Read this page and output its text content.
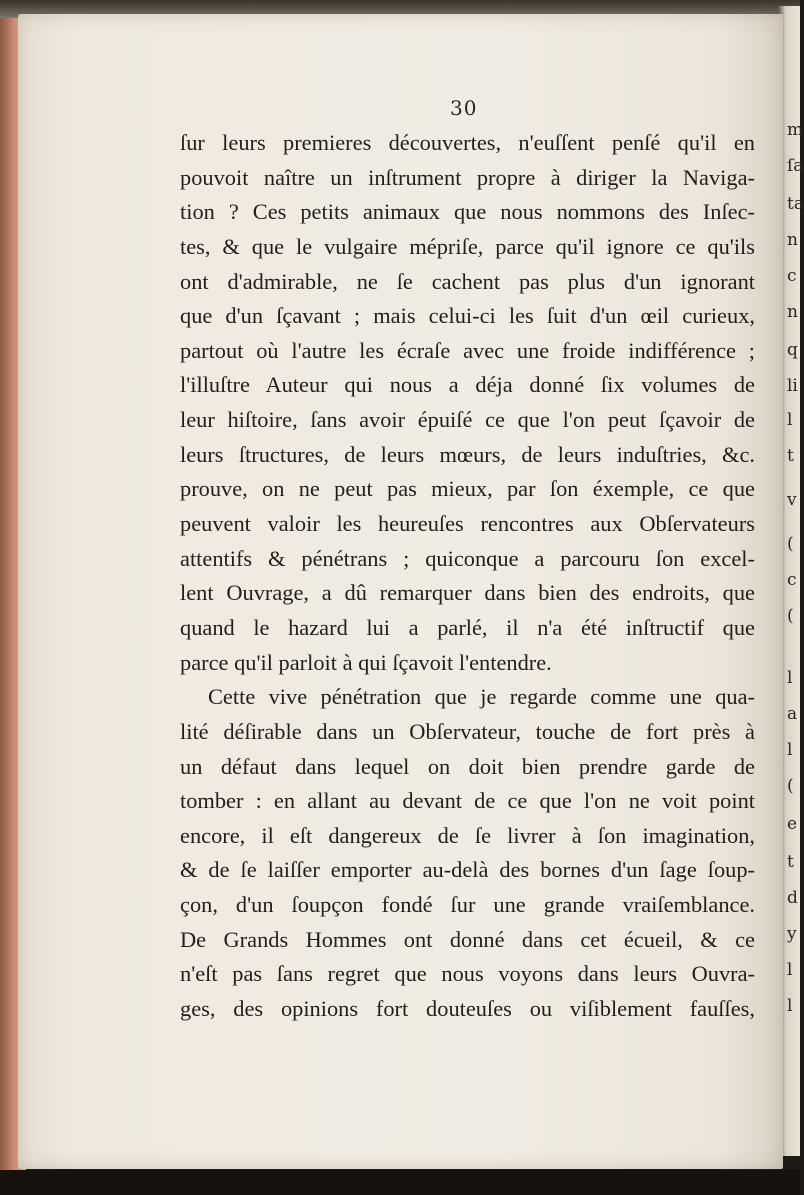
30
ſur leurs premieres découvertes, n'euſſent penſé qu'il en
pouvoit naître un inſtrument propre à diriger la Naviga-
tion ? Ces petits animaux que nous nommons des Inſec-
tes, & que le vulgaire mépriſe, parce qu'il ignore ce qu'ils
ont d'admirable, ne ſe cachent pas plus d'un ignorant
que d'un ſçavant ; mais celui-ci les ſuit d'un œil curieux,
partout où l'autre les écraſe avec une froide indifférence ;
l'illuſtre Auteur qui nous a déja donné ſix volumes de
leur hiſtoire, ſans avoir épuiſé ce que l'on peut ſçavoir de
leurs ſtructures, de leurs mœurs, de leurs induſtries, &c.
prouve, on ne peut pas mieux, par ſon éxemple, ce que
peuvent valoir les heureuſes rencontres aux Obſervateurs
attentifs & pénétrans ; quiconque a parcouru ſon excel-
lent Ouvrage, a dû remarquer dans bien des endroits, que
quand le hazard lui a parlé, il n'a été inſtructif que
parce qu'il parloit à qui ſçavoit l'entendre.
Cette vive pénétration que je regarde comme une qua-
lité déſirable dans un Obſervateur, touche de fort près à
un défaut dans lequel on doit bien prendre garde de
tomber : en allant au devant de ce que l'on ne voit point
encore, il eſt dangereux de ſe livrer à ſon imagination,
& de ſe laiſſer emporter au-delà des bornes d'un ſage ſoup-
çon, d'un ſoupçon fondé ſur une grande vraiſemblance.
De Grands Hommes ont donné dans cet écueil, & ce
n'eſt pas ſans regret que nous voyons dans leurs Ouvra-
ges, des opinions fort douteuſes ou viſiblement fauſſes,
m
ſa
ta
n
c
n
q
li
l
t
v
(
c
(
l
a
l
(
e
t
d
y
l
l
